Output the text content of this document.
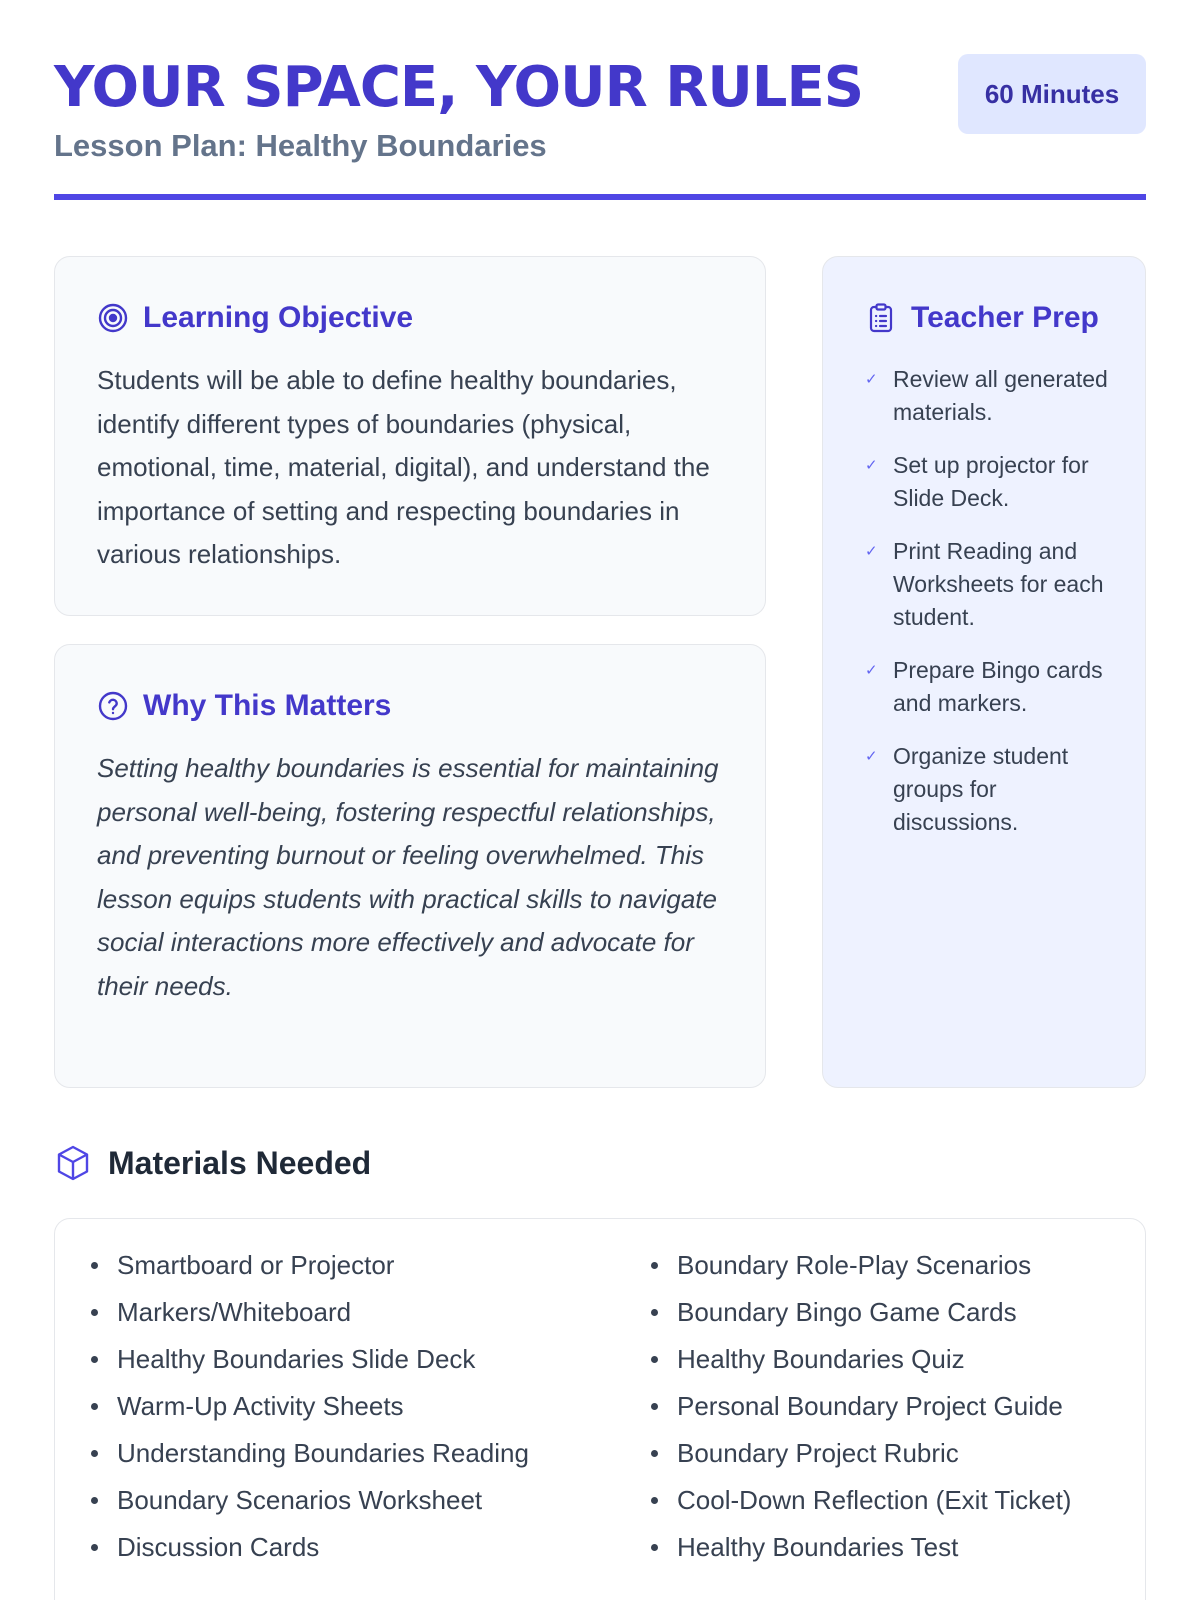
YOUR SPACE, YOUR RULES
Lesson Plan: Healthy Boundaries
60 Minutes
Learning Objective

Students will be able to define healthy boundaries, identify different types of boundaries (physical, emotional, time, material, digital), and understand the importance of setting and respecting boundaries in various relationships.

Why This Matters

Setting healthy boundaries is essential for maintaining personal well-being, fostering respectful relationships, and preventing burnout or feeling overwhelmed. This lesson equips students with practical skills to navigate social interactions more effectively and advocate for their needs.

Teacher Prep
✓ Review all generated materials.
✓ Set up projector for Slide Deck.
✓ Print Reading and Worksheets for each student.
✓ Prepare Bingo cards and markers.
✓ Organize student groups for discussions.
Materials Needed
Smartboard or Projector
Markers/Whiteboard
Healthy Boundaries Slide Deck
Warm-Up Activity Sheets
Understanding Boundaries Reading
Boundary Scenarios Worksheet
Discussion Cards
Boundary Role-Play Scenarios
Boundary Bingo Game Cards
Healthy Boundaries Quiz
Personal Boundary Project Guide
Boundary Project Rubric
Cool-Down Reflection (Exit Ticket)
Healthy Boundaries Test
